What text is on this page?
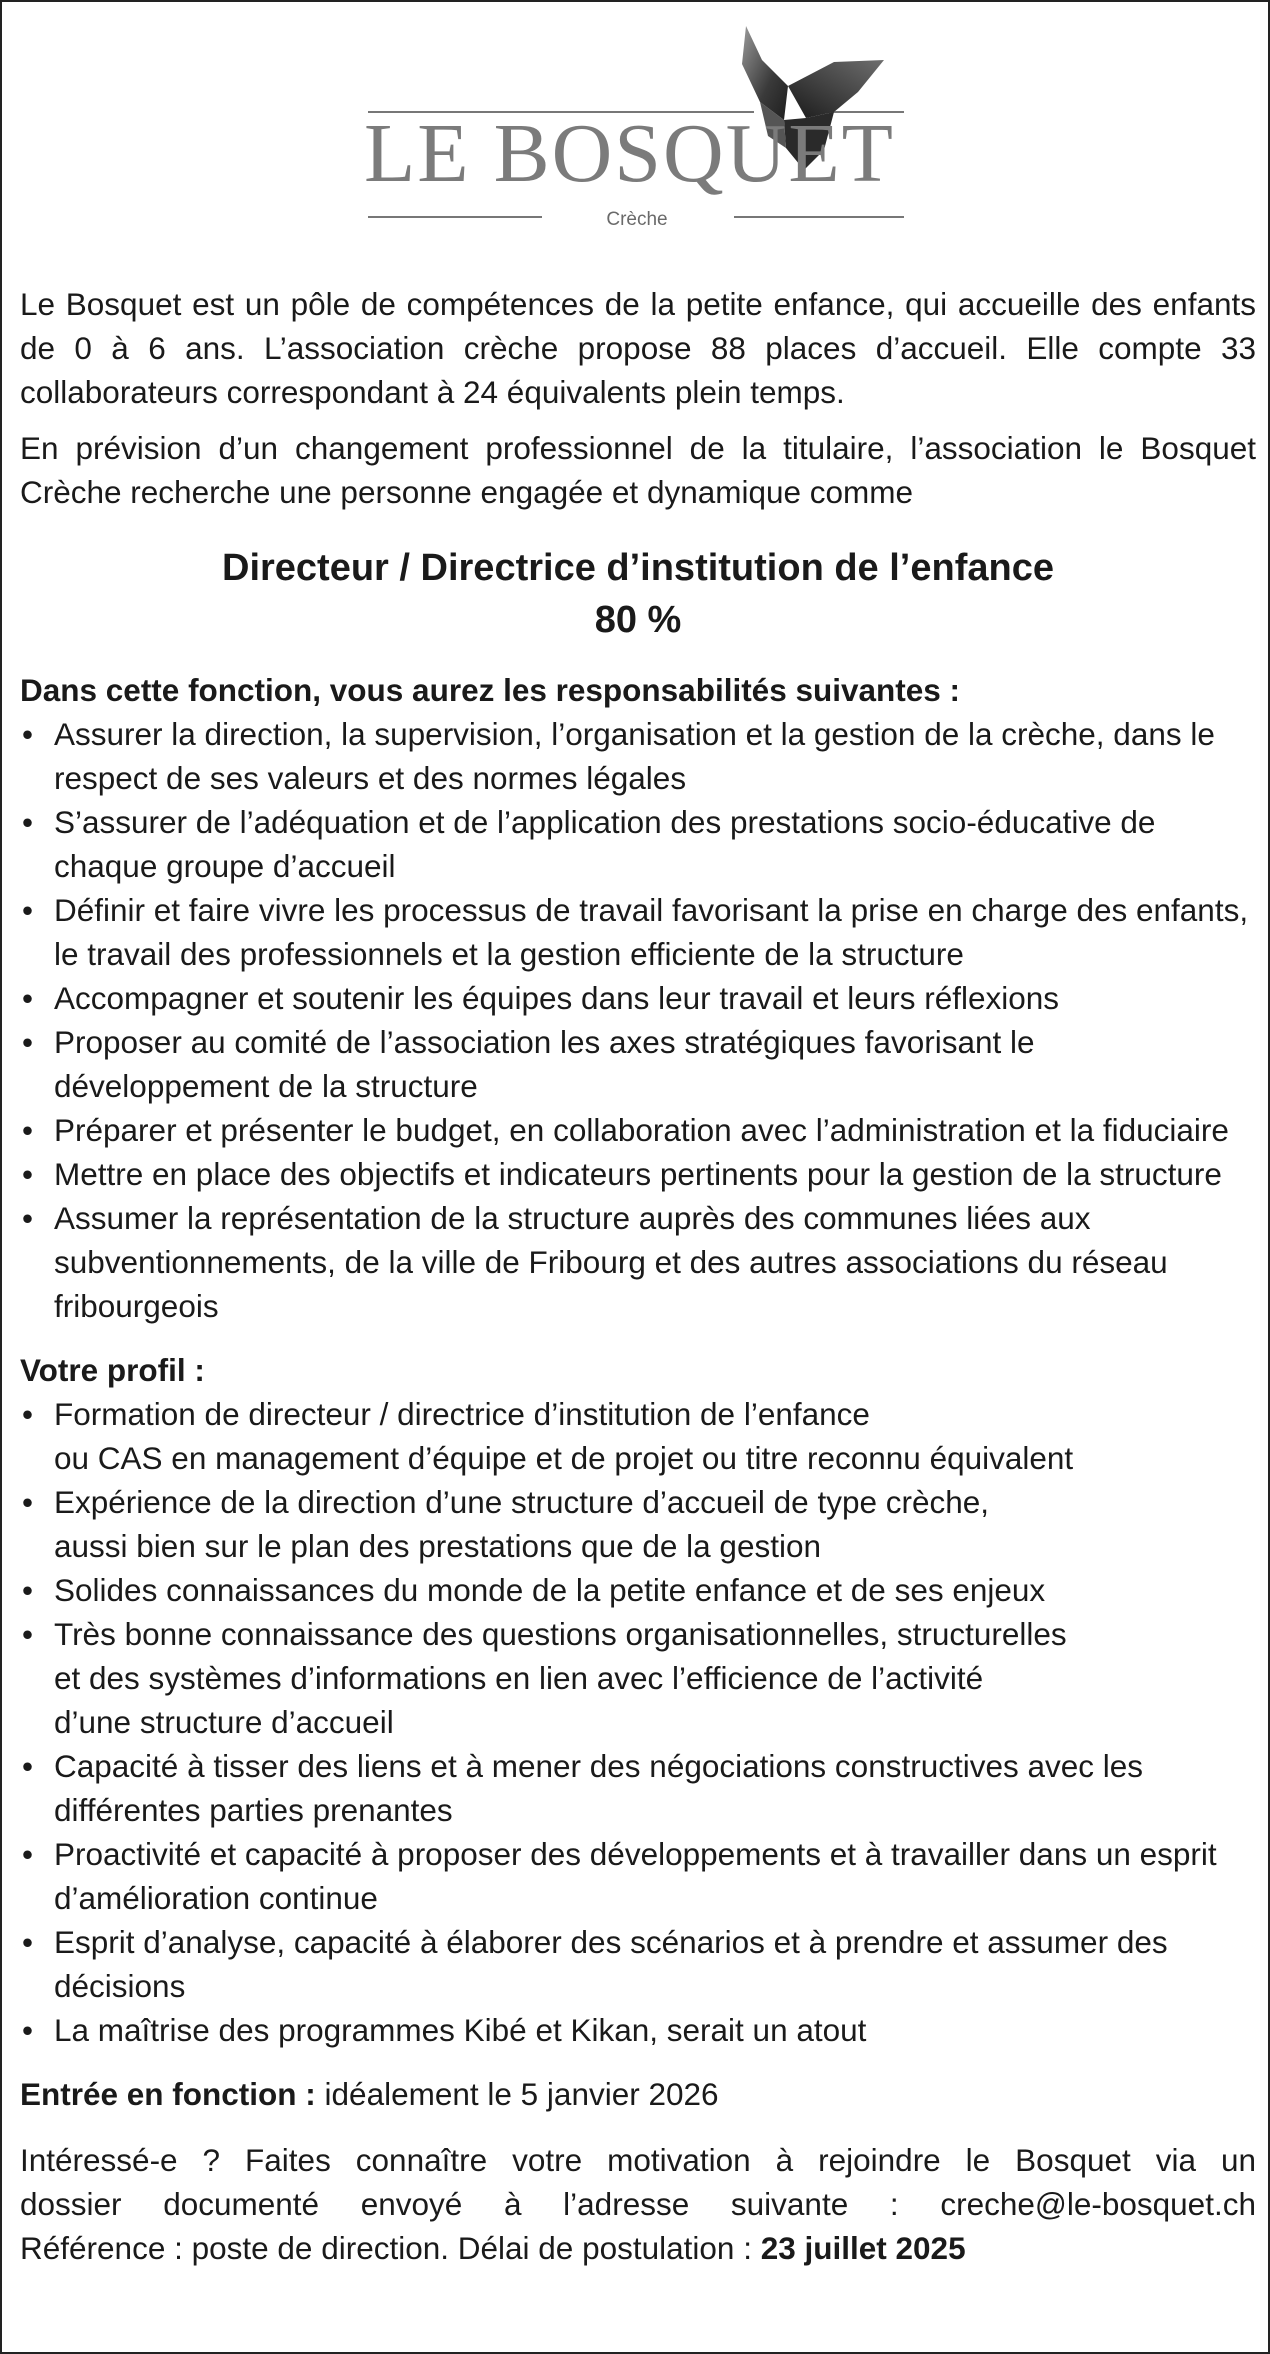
LE BOSQUET
Crèche

Le Bosquet est un pôle de compétences de la petite enfance, qui accueille des enfants de 0 à 6 ans. L’association crèche propose 88 places d’accueil. Elle compte 33 collaborateurs correspondant à 24 équivalents plein temps.

En prévision d’un changement professionnel de la titulaire, l’association le Bosquet Crèche recherche une personne engagée et dynamique comme

Directeur / Directrice d’institution de l’enfance
80 %
Dans cette fonction, vous aurez les responsabilités suivantes :
• Assurer la direction, la supervision, l’organisation et la gestion de la crèche, dans le respect de ses valeurs et des normes légales
• S’assurer de l’adéquation et de l’application des prestations socio-éducative de chaque groupe d’accueil
• Définir et faire vivre les processus de travail favorisant la prise en charge des enfants, le travail des professionnels et la gestion efficiente de la structure
• Accompagner et soutenir les équipes dans leur travail et leurs réflexions
• Proposer au comité de l’association les axes stratégiques favorisant le développement de la structure
• Préparer et présenter le budget, en collaboration avec l’administration et la fiduciaire
• Mettre en place des objectifs et indicateurs pertinents pour la gestion de la structure
• Assumer la représentation de la structure auprès des communes liées aux subventionnements, de la ville de Fribourg et des autres associations du réseau fribourgeois
Votre profil :
• Formation de directeur / directrice d’institution de l’enfance
ou CAS en management d’équipe et de projet ou titre reconnu équivalent
• Expérience de la direction d’une structure d’accueil de type crèche,
aussi bien sur le plan des prestations que de la gestion
• Solides connaissances du monde de la petite enfance et de ses enjeux
• Très bonne connaissance des questions organisationnelles, structurelles
et des systèmes d’informations en lien avec l’efficience de l’activité
d’une structure d’accueil
• Capacité à tisser des liens et à mener des négociations constructives avec les différentes parties prenantes
• Proactivité et capacité à proposer des développements et à travailler dans un esprit d’amélioration continue
• Esprit d’analyse, capacité à élaborer des scénarios et à prendre et assumer des décisions
• La maîtrise des programmes Kibé et Kikan, serait un atout

Entrée en fonction : idéalement le 5 janvier 2026

Intéressé-e ? Faites connaître votre motivation à rejoindre le Bosquet via un
dossier documenté envoyé à l’adresse suivante : creche@le-bosquet.ch
Référence : poste de direction. Délai de postulation : 23 juillet 2025
